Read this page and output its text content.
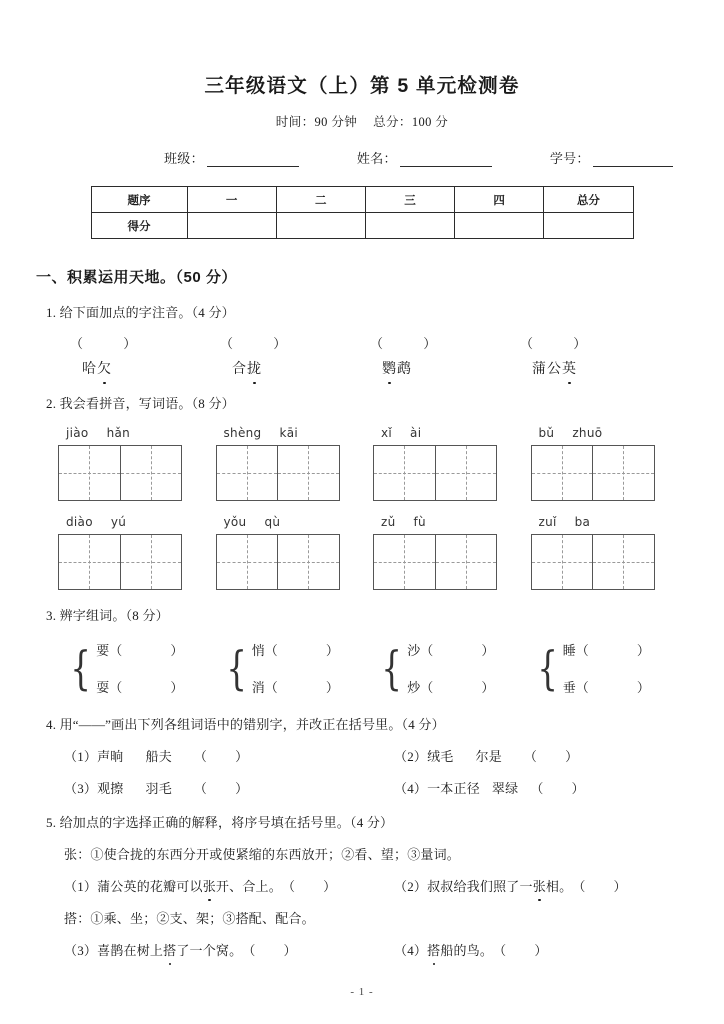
三年级语文（上）第 5 单元检测卷
时间：90 分钟 总分：100 分
班级：	姓名：	学号：
题序	一	二	三	四	总分
得分					
一、积累运用天地。（50 分）
1. 给下面加点的字注音。（4 分）
（	）
哈欠
（	）
合拢
（	）
鹦鹉
（	）
蒲公英
2. 我会看拼音，写词语。（8 分）
jiào hǎn	shèng kāi	xǐ ài	bǔ zhuō
diào yú	yǒu qù	zǔ fù	zuǐ ba
3. 辨字组词。（8 分）
{ 要（	）
耍（	） { 悄（	）
消（	） { 沙（	）
炒（	） { 睡（	）
垂（	）
4. 用“——”画出下列各组词语中的错别字，并改正在括号里。（4 分）
（1）声晌 船夫 （ ）	（2）绒毛 尔是 （ ）
（3）观擦 羽毛 （ ）	（4）一本正径 翠绿 （ ）
5. 给加点的字选择正确的解释，将序号填在括号里。（4 分）
张：①使合拢的东西分开或使紧缩的东西放开；②看、望；③量词。
（1）蒲公英的花瓣可以张开、合上。（ ）	（2）叔叔给我们照了一张相。（ ）
搭：①乘、坐；②支、架；③搭配、配合。
（3）喜鹊在树上搭了一个窝。（ ）	（4）搭船的鸟。（ ）
- 1 -
